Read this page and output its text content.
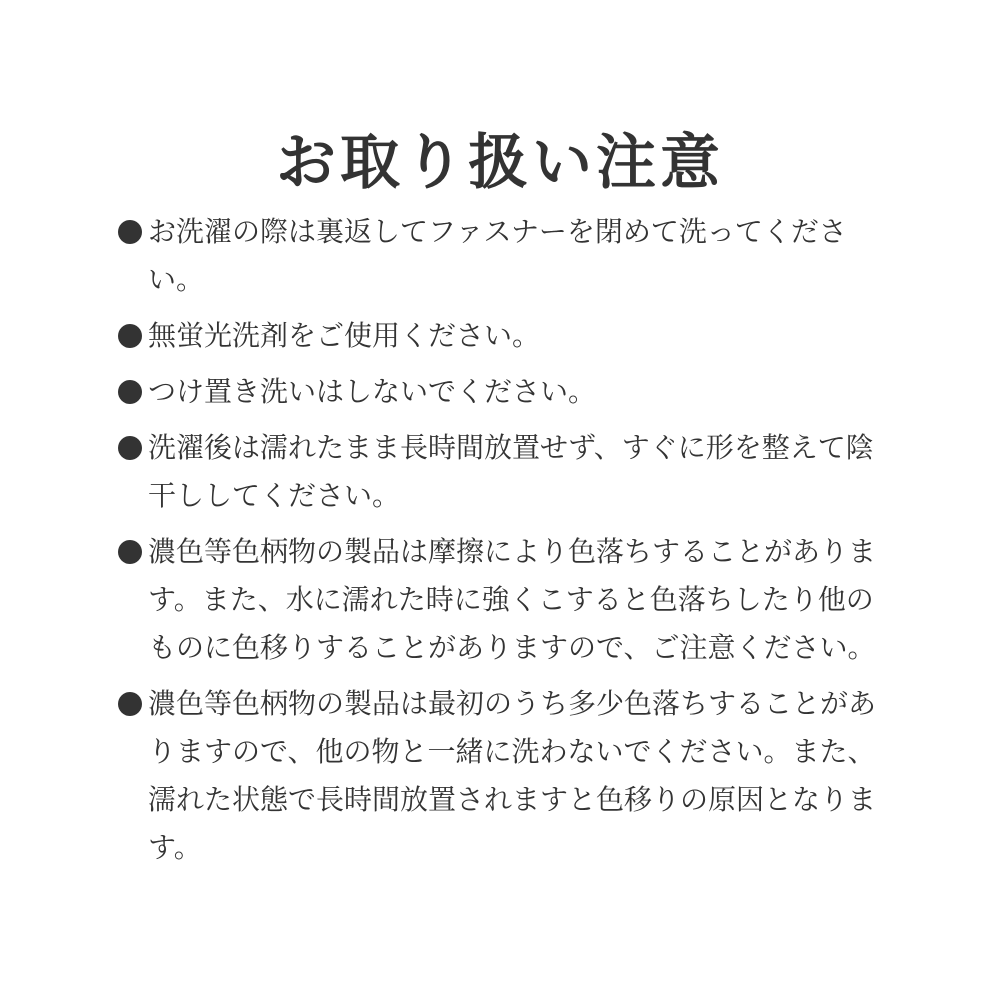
お取り扱い注意
お洗濯の際は裏返してファスナーを閉めて洗ってください。
無蛍光洗剤をご使用ください。
つけ置き洗いはしないでください。
洗濯後は濡れたまま長時間放置せず、すぐに形を整えて陰干ししてください。
濃色等色柄物の製品は摩擦により色落ちすることがあります。また、水に濡れた時に強くこすると色落ちしたり他のものに色移りすることがありますので、ご注意ください。
濃色等色柄物の製品は最初のうち多少色落ちすることがありますので、他の物と一緒に洗わないでください。また、濡れた状態で長時間放置されますと色移りの原因となります。
